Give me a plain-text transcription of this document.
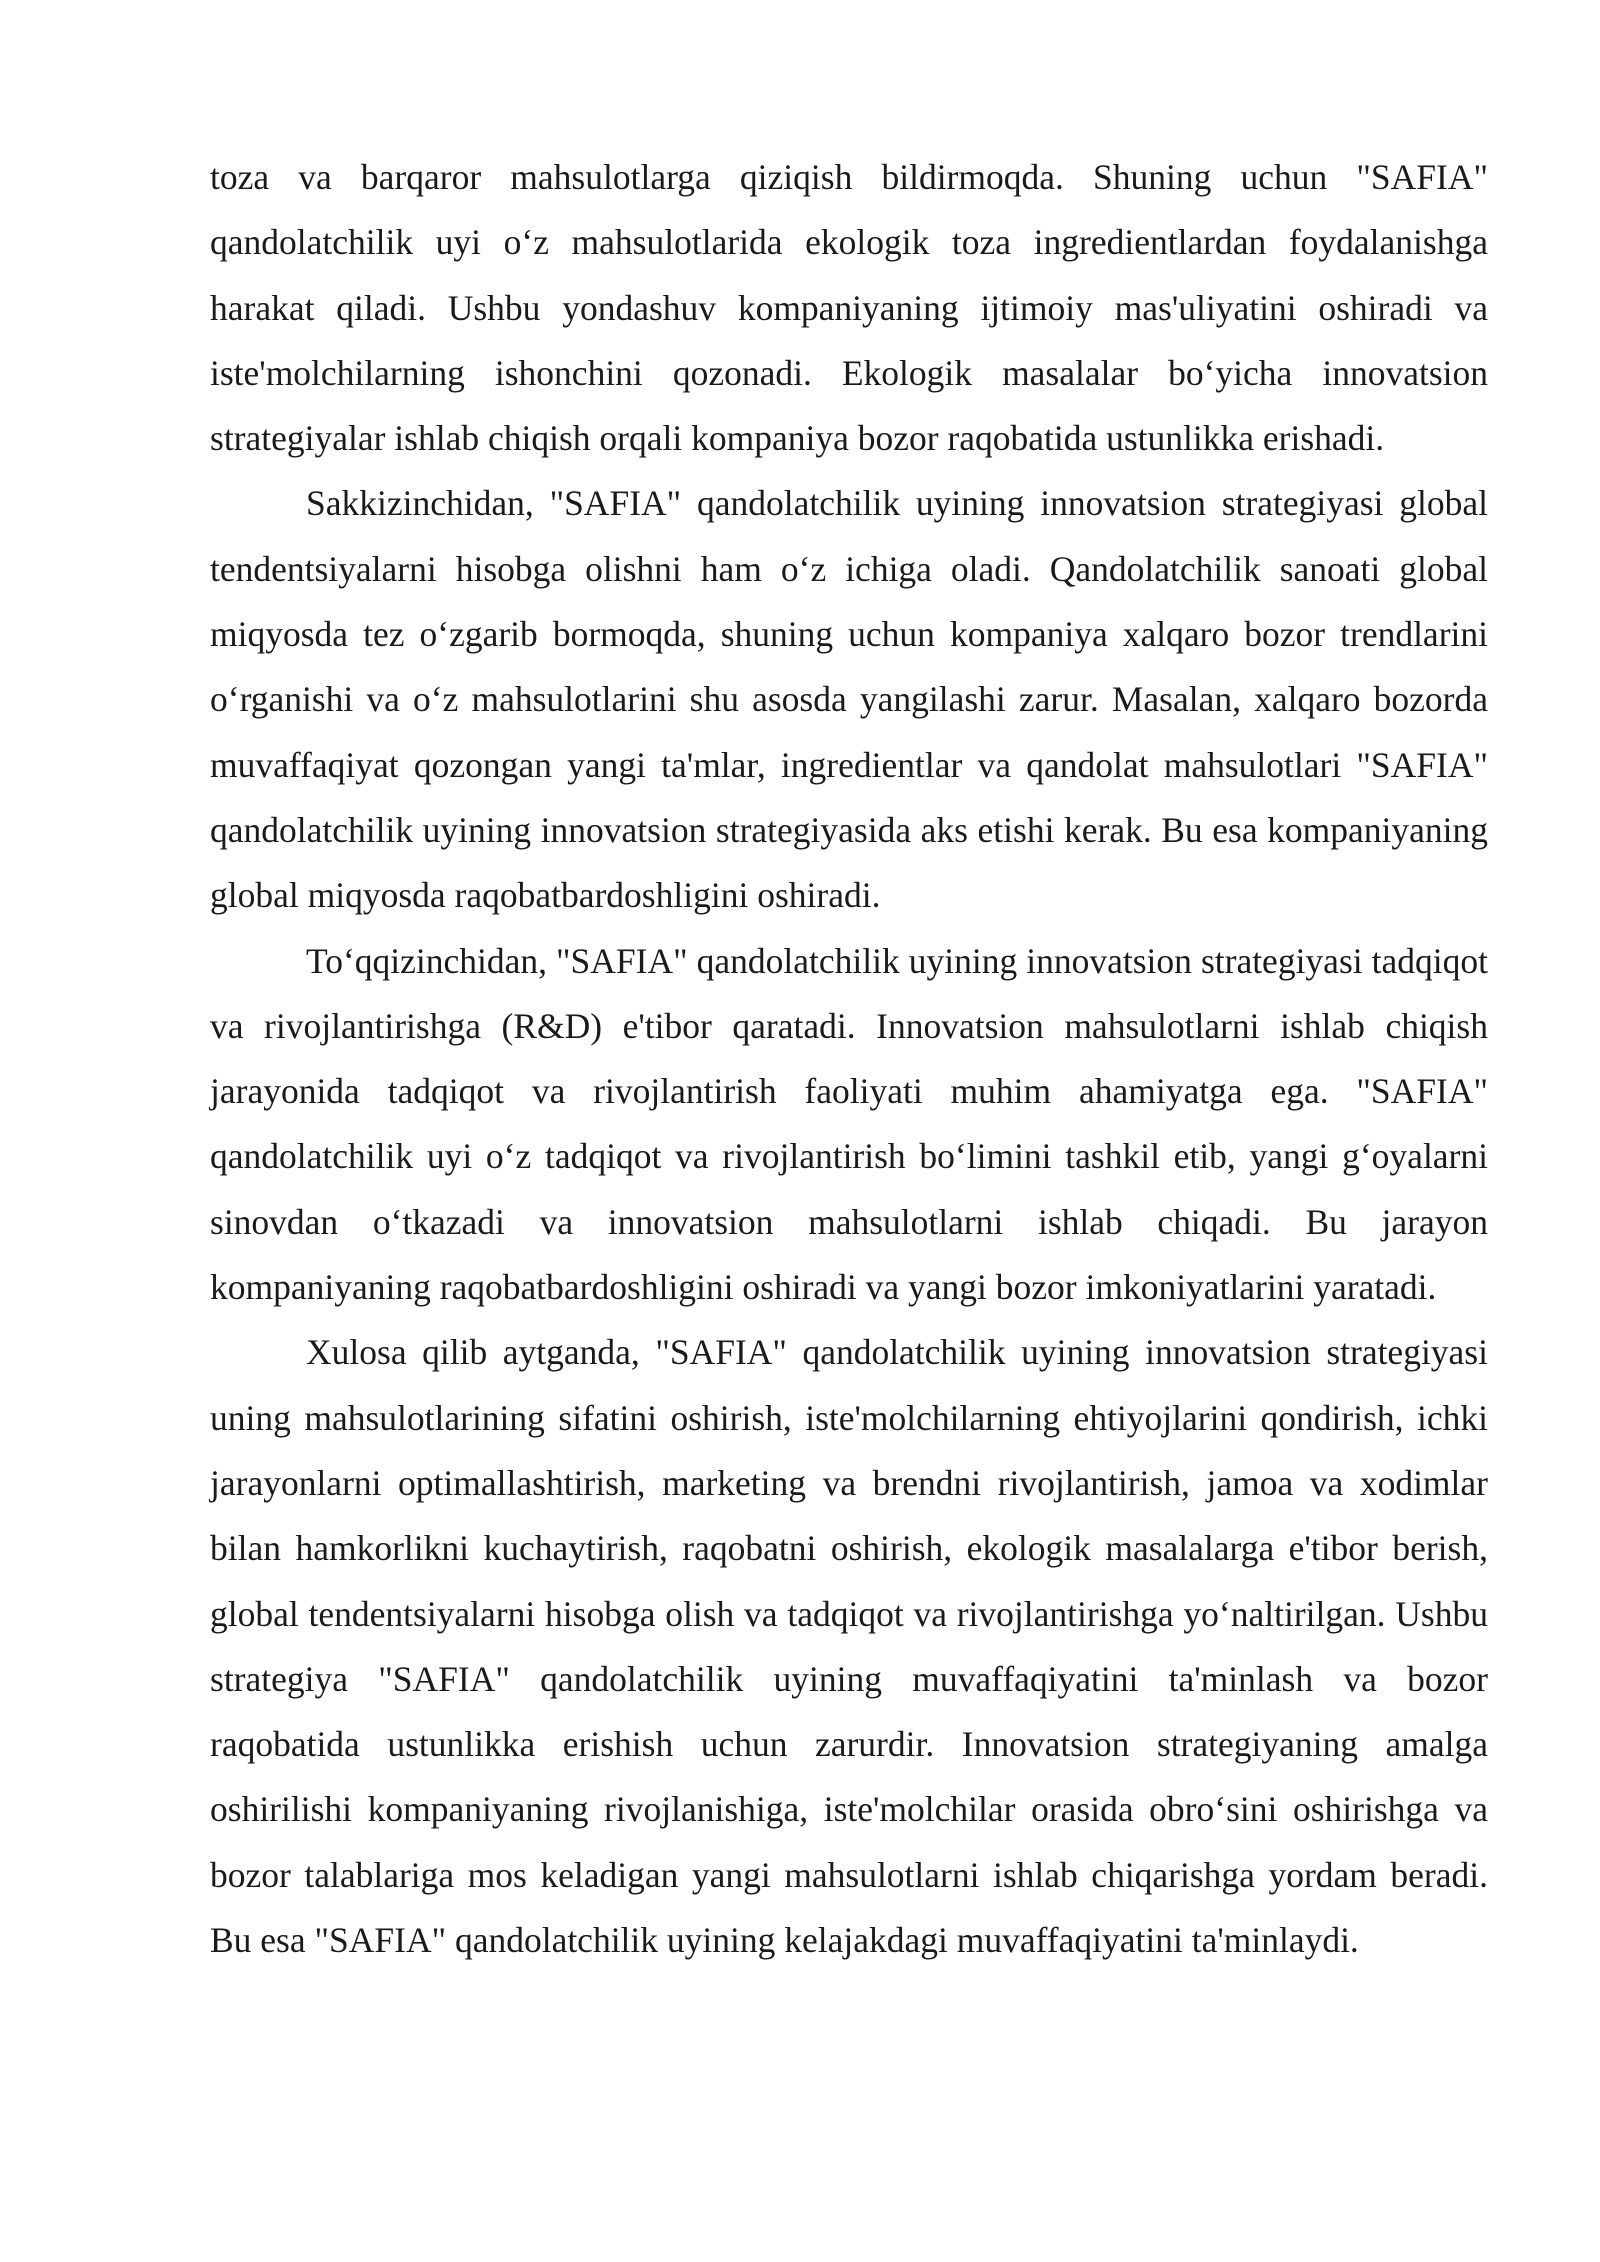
toza va barqaror mahsulotlarga qiziqish bildirmoqda. Shuning uchun "SAFIA" qandolatchilik uyi o‘z mahsulotlarida ekologik toza ingredientlardan foydalanishga harakat qiladi. Ushbu yondashuv kompaniyaning ijtimoiy mas'uliyatini oshiradi va iste'molchilarning ishonchini qozonadi. Ekologik masalalar bo‘yicha innovatsion strategiyalar ishlab chiqish orqali kompaniya bozor raqobatida ustunlikka erishadi.

Sakkizinchidan, "SAFIA" qandolatchilik uyining innovatsion strategiyasi global tendentsiyalarni hisobga olishni ham o‘z ichiga oladi. Qandolatchilik sanoati global miqyosda tez o‘zgarib bormoqda, shuning uchun kompaniya xalqaro bozor trendlarini o‘rganishi va o‘z mahsulotlarini shu asosda yangilashi zarur. Masalan, xalqaro bozorda muvaffaqiyat qozongan yangi ta'mlar, ingredientlar va qandolat mahsulotlari "SAFIA" qandolatchilik uyining innovatsion strategiyasida aks etishi kerak. Bu esa kompaniyaning global miqyosda raqobatbardoshligini oshiradi.

To‘qqizinchidan, "SAFIA" qandolatchilik uyining innovatsion strategiyasi tadqiqot va rivojlantirishga (R&D) e'tibor qaratadi. Innovatsion mahsulotlarni ishlab chiqish jarayonida tadqiqot va rivojlantirish faoliyati muhim ahamiyatga ega. "SAFIA" qandolatchilik uyi o‘z tadqiqot va rivojlantirish bo‘limini tashkil etib, yangi g‘oyalarni sinovdan o‘tkazadi va innovatsion mahsulotlarni ishlab chiqadi. Bu jarayon kompaniyaning raqobatbardoshligini oshiradi va yangi bozor imkoniyatlarini yaratadi.

Xulosa qilib aytganda, "SAFIA" qandolatchilik uyining innovatsion strategiyasi uning mahsulotlarining sifatini oshirish, iste'molchilarning ehtiyojlarini qondirish, ichki jarayonlarni optimallashtirish, marketing va brendni rivojlantirish, jamoa va xodimlar bilan hamkorlikni kuchaytirish, raqobatni oshirish, ekologik masalalarga e'tibor berish, global tendentsiyalarni hisobga olish va tadqiqot va rivojlantirishga yo‘naltirilgan. Ushbu strategiya "SAFIA" qandolatchilik uyining muvaffaqiyatini ta'minlash va bozor raqobatida ustunlikka erishish uchun zarurdir. Innovatsion strategiyaning amalga oshirilishi kompaniyaning rivojlanishiga, iste'molchilar orasida obro‘sini oshirishga va bozor talablariga mos keladigan yangi mahsulotlarni ishlab chiqarishga yordam beradi. Bu esa "SAFIA" qandolatchilik uyining kelajakdagi muvaffaqiyatini ta'minlaydi.
